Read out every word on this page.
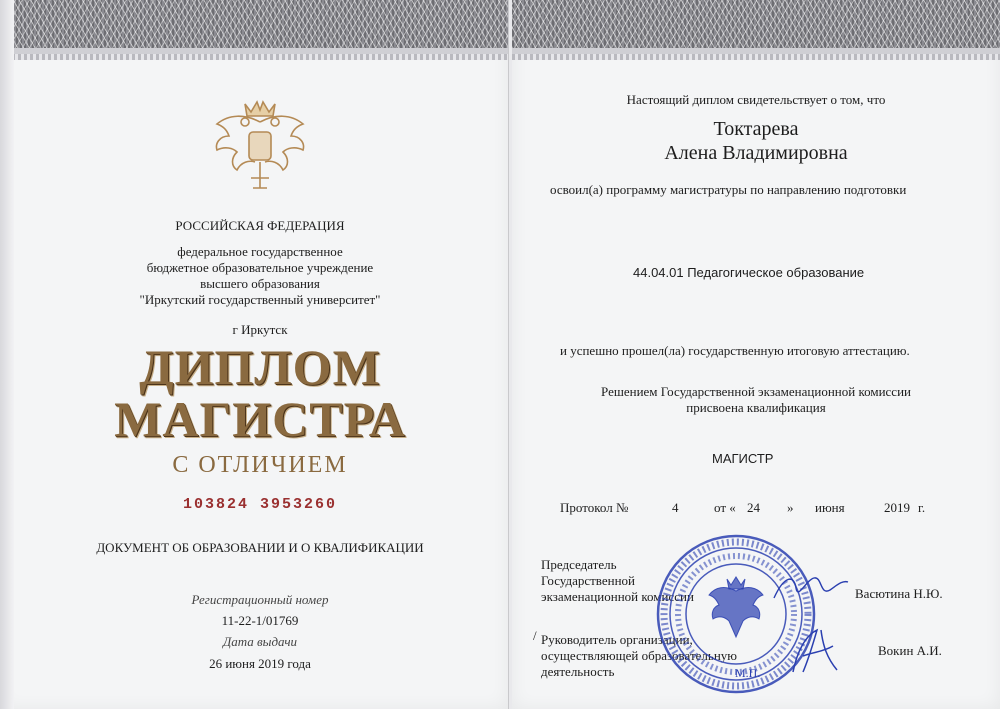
РОССИЙСКАЯ ФЕДЕРАЦИЯ
федеральное государственное
бюджетное образовательное учреждение
высшего образования
"Иркутский государственный университет"
г Иркутск
ДИПЛОМ
МАГИСТРА
С ОТЛИЧИЕМ
103824 3953260
ДОКУМЕНТ ОБ ОБРАЗОВАНИИ И О КВАЛИФИКАЦИИ
Регистрационный номер
11-22-1/01769
Дата выдачи
26 июня 2019 года
Настоящий диплом свидетельствует о том, что
Токтарева
Алена Владимировна
освоил(а) программу магистратуры по направлению подготовки
44.04.01 Педагогическое образование
и успешно прошел(ла) государственную итоговую аттестацию.
Решением Государственной экзаменационной комиссии
присвоена квалификация
МАГИСТР
Протокол №	4	от « 24 » июня	2019 г.
Председатель
Государственной
экзаменационной комиссии	Васютина Н.Ю.
Руководитель организации,
осуществляющей образовательную
деятельность
Вокин А.И.
М.П.
/
